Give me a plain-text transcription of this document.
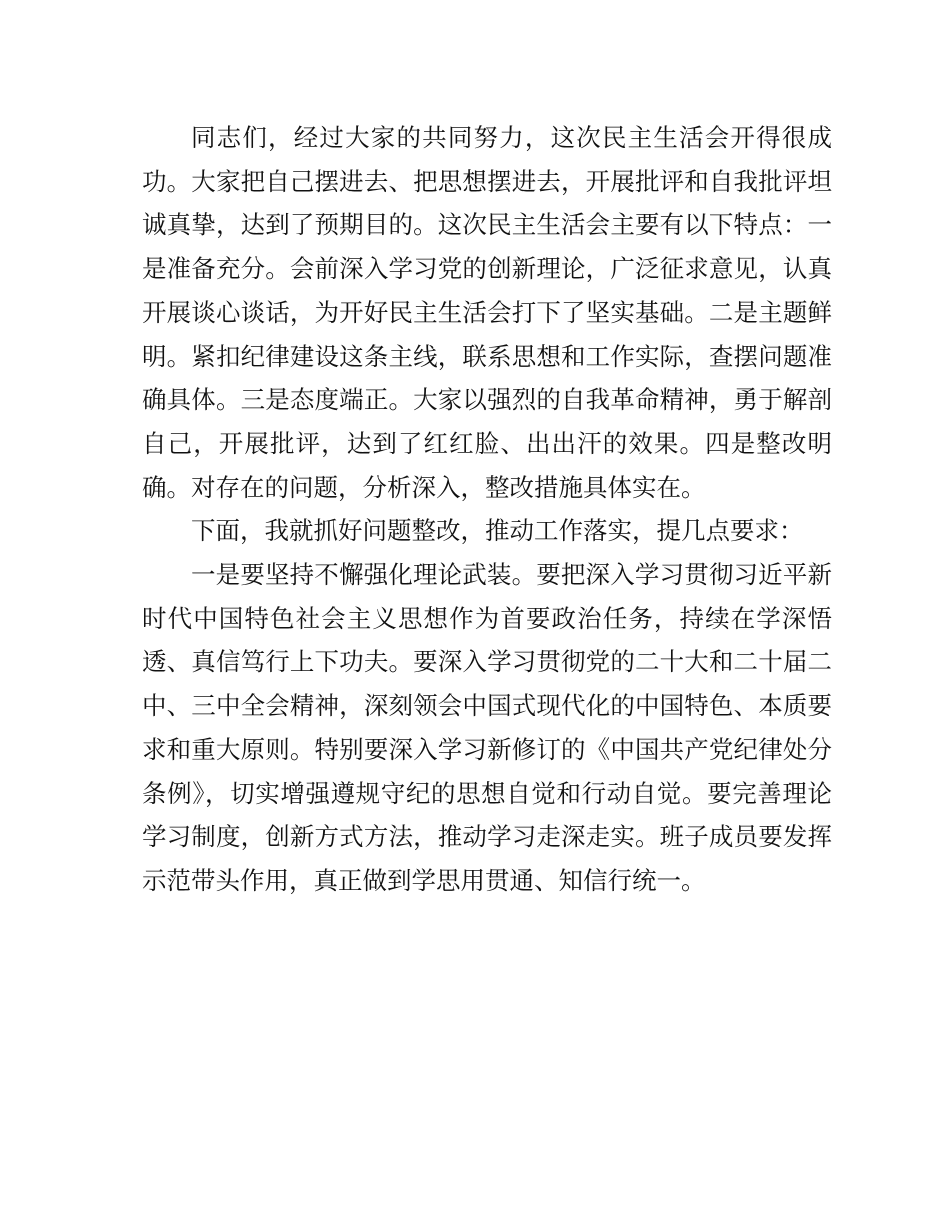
同志们，经过大家的共同努力，这次民主生活会开得很成功。大家把自己摆进去、把思想摆进去，开展批评和自我批评坦诚真挚，达到了预期目的。这次民主生活会主要有以下特点：一是准备充分。会前深入学习党的创新理论，广泛征求意见，认真开展谈心谈话，为开好民主生活会打下了坚实基础。二是主题鲜明。紧扣纪律建设这条主线，联系思想和工作实际，查摆问题准确具体。三是态度端正。大家以强烈的自我革命精神，勇于解剖自己，开展批评，达到了红红脸、出出汗的效果。四是整改明确。对存在的问题，分析深入，整改措施具体实在。

下面，我就抓好问题整改，推动工作落实，提几点要求：

一是要坚持不懈强化理论武装。要把深入学习贯彻习近平新时代中国特色社会主义思想作为首要政治任务，持续在学深悟透、真信笃行上下功夫。要深入学习贯彻党的二十大和二十届二中、三中全会精神，深刻领会中国式现代化的中国特色、本质要求和重大原则。特别要深入学习新修订的《中国共产党纪律处分条例》，切实增强遵规守纪的思想自觉和行动自觉。要完善理论学习制度，创新方式方法，推动学习走深走实。班子成员要发挥示范带头作用，真正做到学思用贯通、知信行统一。
